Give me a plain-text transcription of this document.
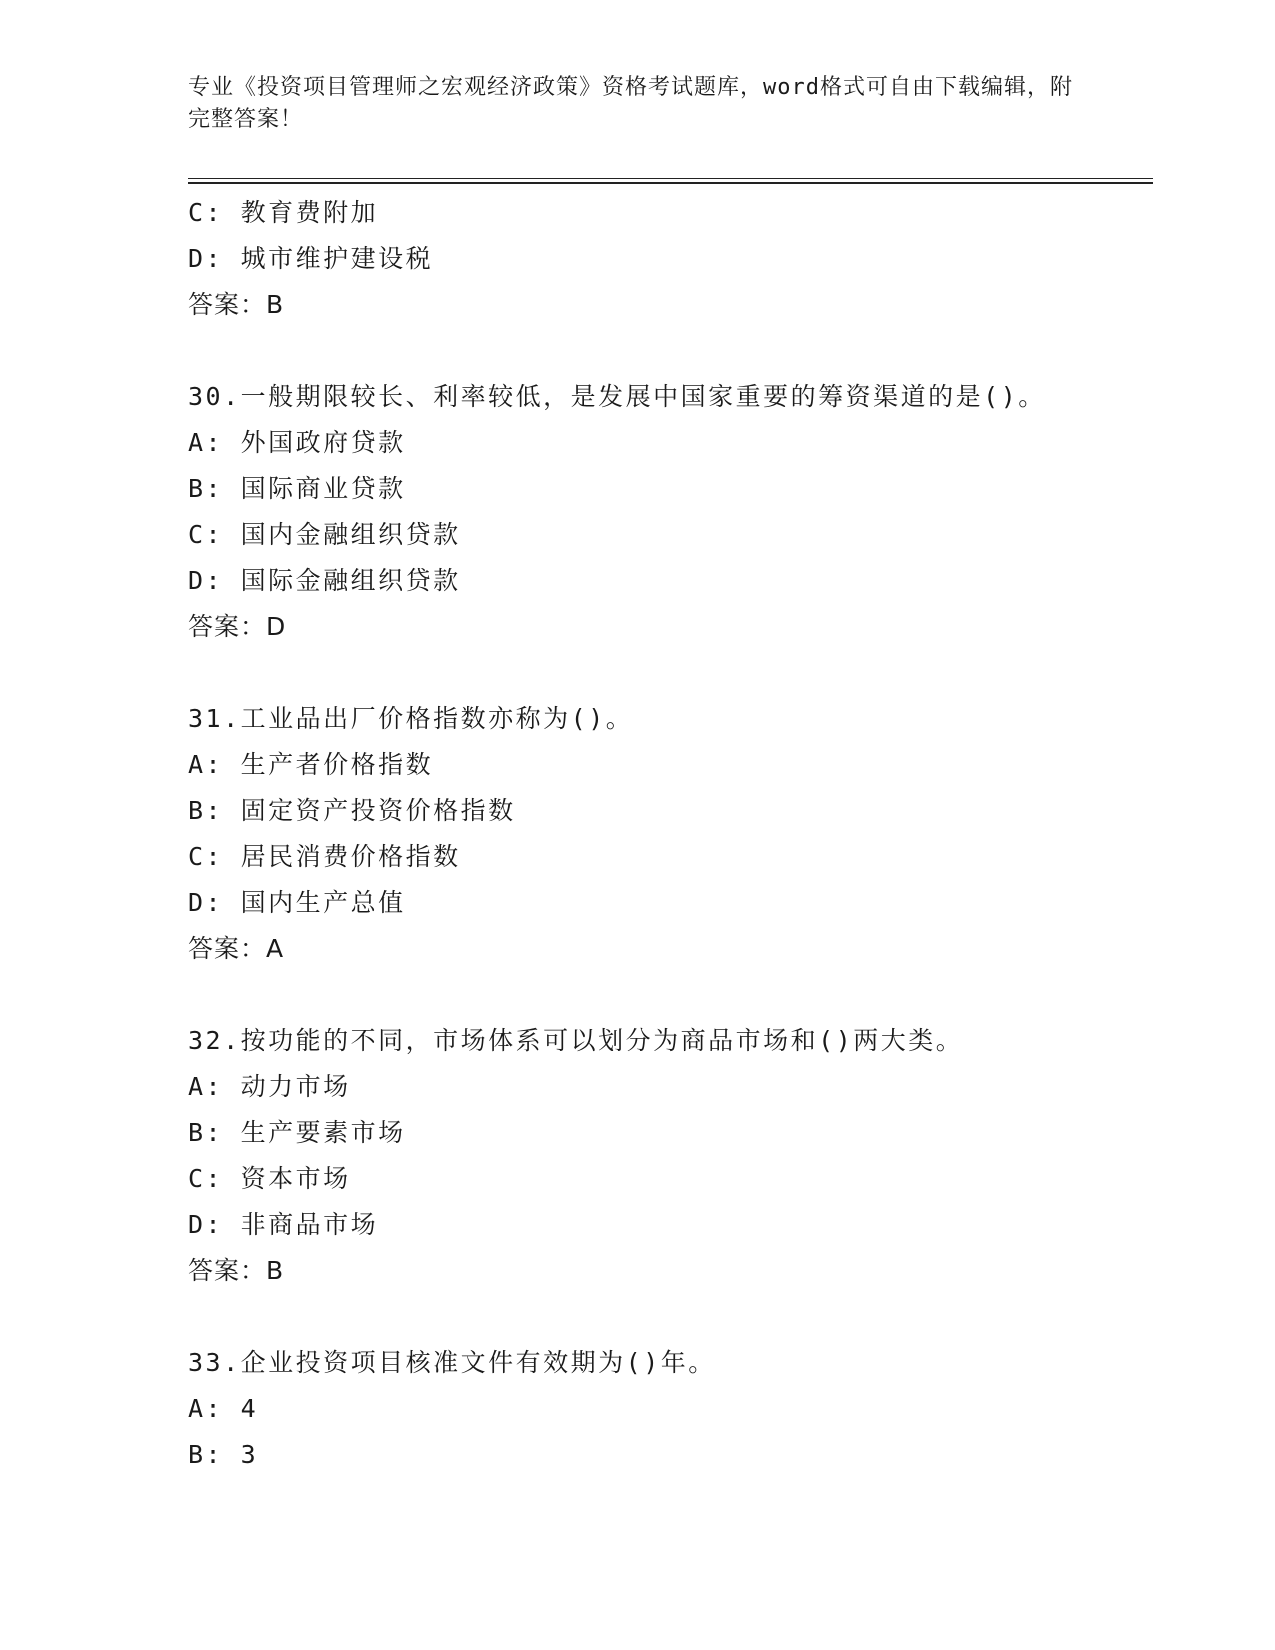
专业《投资项目管理师之宏观经济政策》资格考试题库，word格式可自由下载编辑，附完整答案！
C: 教育费附加
D: 城市维护建设税
答案：B
30.一般期限较长、利率较低，是发展中国家重要的筹资渠道的是()。
A: 外国政府贷款
B: 国际商业贷款
C: 国内金融组织贷款
D: 国际金融组织贷款
答案：D
31.工业品出厂价格指数亦称为()。
A: 生产者价格指数
B: 固定资产投资价格指数
C: 居民消费价格指数
D: 国内生产总值
答案：A
32.按功能的不同，市场体系可以划分为商品市场和()两大类。
A: 动力市场
B: 生产要素市场
C: 资本市场
D: 非商品市场
答案：B
33.企业投资项目核准文件有效期为()年。
A: 4
B: 3
